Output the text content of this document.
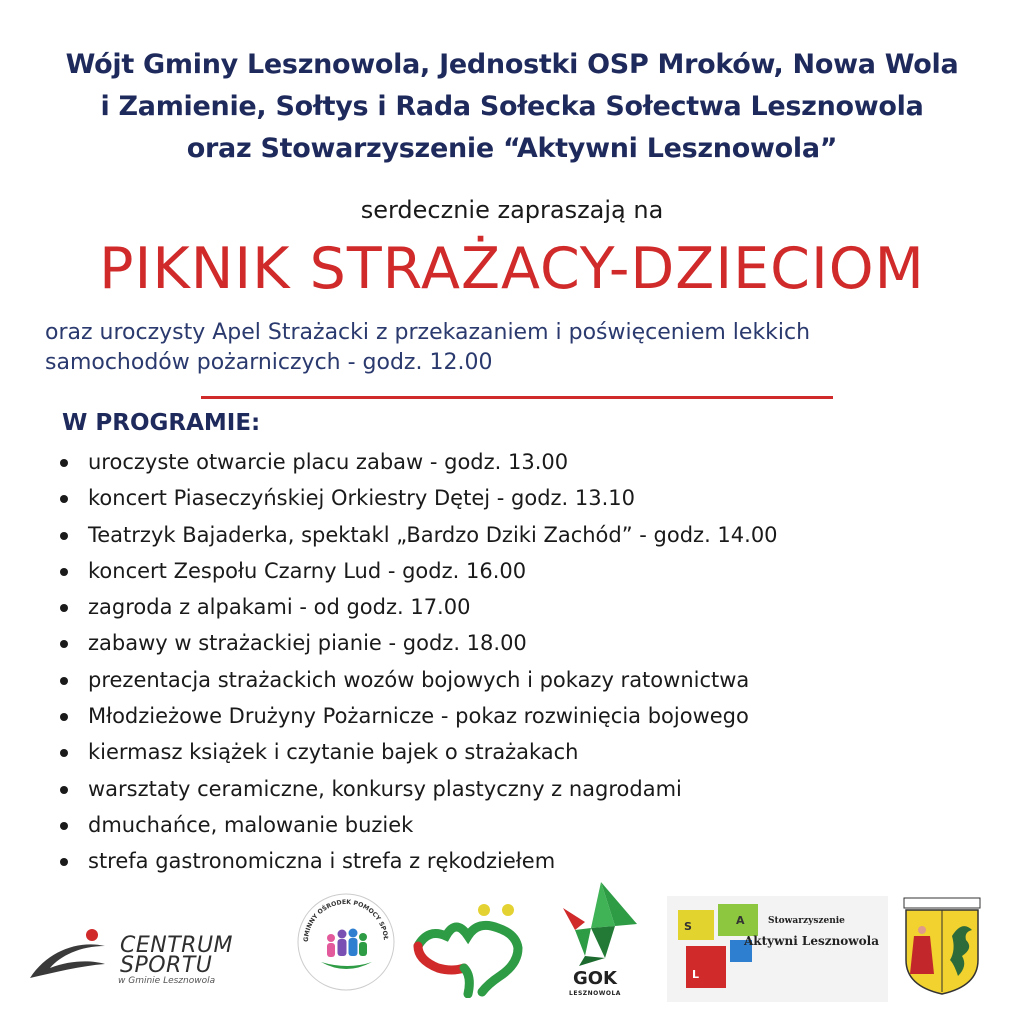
Wójt Gminy Lesznowola, Jednostki OSP Mroków, Nowa Wola
i Zamienie, Sołtys i Rada Sołecka Sołectwa Lesznowola
oraz Stowarzyszenie “Aktywni Lesznowola”
serdecznie zapraszają na
PIKNIK STRAŻACY-DZIECIOM
oraz uroczysty Apel Strażacki z przekazaniem i poświęceniem lekkich
samochodów pożarniczych - godz. 12.00
W PROGRAMIE:
uroczyste otwarcie placu zabaw - godz. 13.00
koncert Piaseczyńskiej Orkiestry Dętej - godz. 13.10
Teatrzyk Bajaderka, spektakl „Bardzo Dziki Zachód” - godz. 14.00
koncert Zespołu Czarny Lud - godz. 16.00
zagroda z alpakami - od godz. 17.00
zabawy w strażackiej pianie - godz. 18.00
prezentacja strażackich wozów bojowych i pokazy ratownictwa
Młodzieżowe Drużyny Pożarnicze - pokaz rozwinięcia bojowego
kiermasz książek i czytanie bajek o strażakach
warsztaty ceramiczne, konkursy plastyczny z nagrodami
dmuchańce, malowanie buziek
strefa gastronomiczna i strefa z rękodziełem
CENTRUM
SPORTU
w Gminie Lesznowola
GMINNY OŚRODEK POMOCY SPOŁ
GOK
LESZNOWOLA
S	A
L
Stowarzyszenie
Aktywni Lesznowola
